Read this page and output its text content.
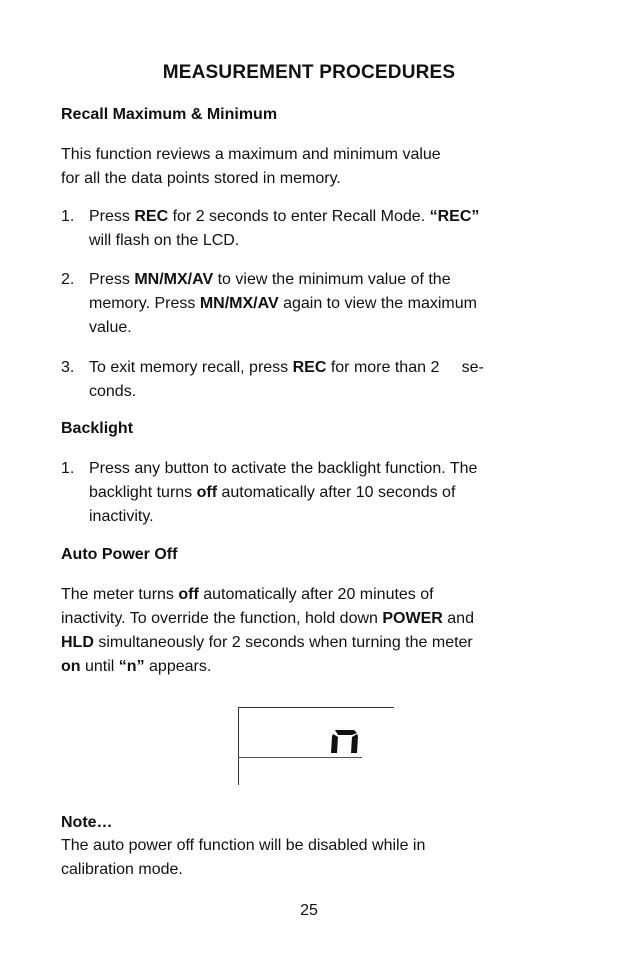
MEASUREMENT PROCEDURES
Recall Maximum & Minimum
This function reviews a maximum and minimum value
for all the data points stored in memory.
1. Press REC for 2 seconds to enter Recall Mode. “REC”
will flash on the LCD.
2. Press MN/MX/AV to view the minimum value of the
memory. Press MN/MX/AV again to view the maximum
value.
3. To exit memory recall, press REC for more than 2     se-
conds.
Backlight
1. Press any button to activate the backlight function. The
backlight turns off automatically after 10 seconds of
inactivity.
Auto Power Off
The meter turns off automatically after 20 minutes of
inactivity. To override the function, hold down POWER and
HLD simultaneously for 2 seconds when turning the meter
on until “n” appears.
Note…
The auto power off function will be disabled while in
calibration mode.
25
